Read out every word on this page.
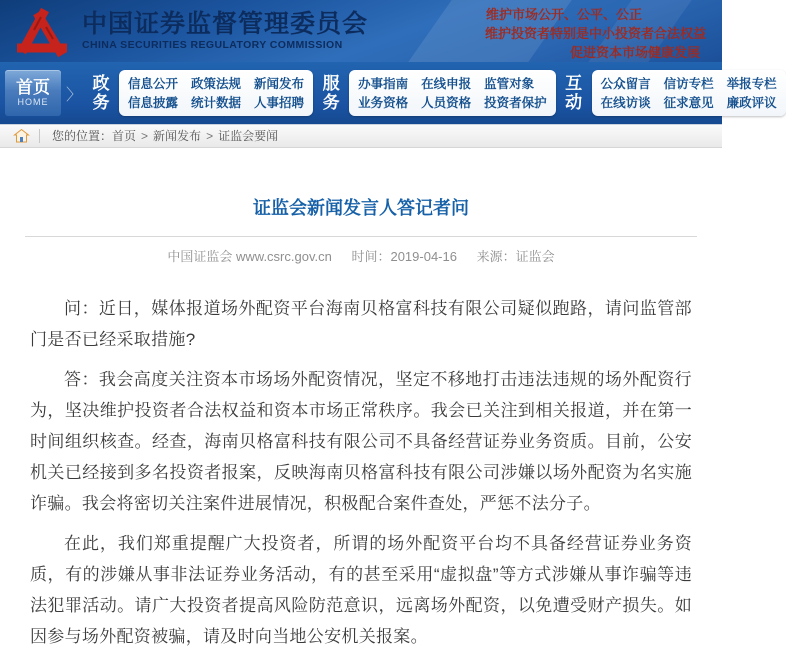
中国证券监督管理委员会
CHINA SECURITIES REGULATORY COMMISSION
维护市场公开、公平、公正
维护投资者特别是中小投资者合法权益
促进资本市场健康发展
首页
HOME	〉
政
务
信息公开 政策法规 新闻发布
信息披露 统计数据 人事招聘
服
务
办事指南 在线申报 监管对象
业务资格 人员资格 投资者保护
互
动
公众留言 信访专栏 举报专栏
在线访谈 征求意见 廉政评议
您的位置： 首页 > 新闻发布 > 证监会要闻
证监会新闻发言人答记者问
中国证监会 www.csrc.gov.cn 时间：2019-04-16 来源：证监会

问：近日，媒体报道场外配资平台海南贝格富科技有限公司疑似跑路，请问监管部门是否已经采取措施?

答：我会高度关注资本市场场外配资情况，坚定不移地打击违法违规的场外配资行为，坚决维护投资者合法权益和资本市场正常秩序。我会已关注到相关报道，并在第一时间组织核查。经查，海南贝格富科技有限公司不具备经营证券业务资质。目前，公安机关已经接到多名投资者报案，反映海南贝格富科技有限公司涉嫌以场外配资为名实施诈骗。我会将密切关注案件进展情况，积极配合案件查处，严惩不法分子。

在此，我们郑重提醒广大投资者，所谓的场外配资平台均不具备经营证券业务资质，有的涉嫌从事非法证券业务活动，有的甚至采用“虚拟盘”等方式涉嫌从事诈骗等违法犯罪活动。请广大投资者提高风险防范意识，远离场外配资，以免遭受财产损失。如因参与场外配资被骗，请及时向当地公安机关报案。
